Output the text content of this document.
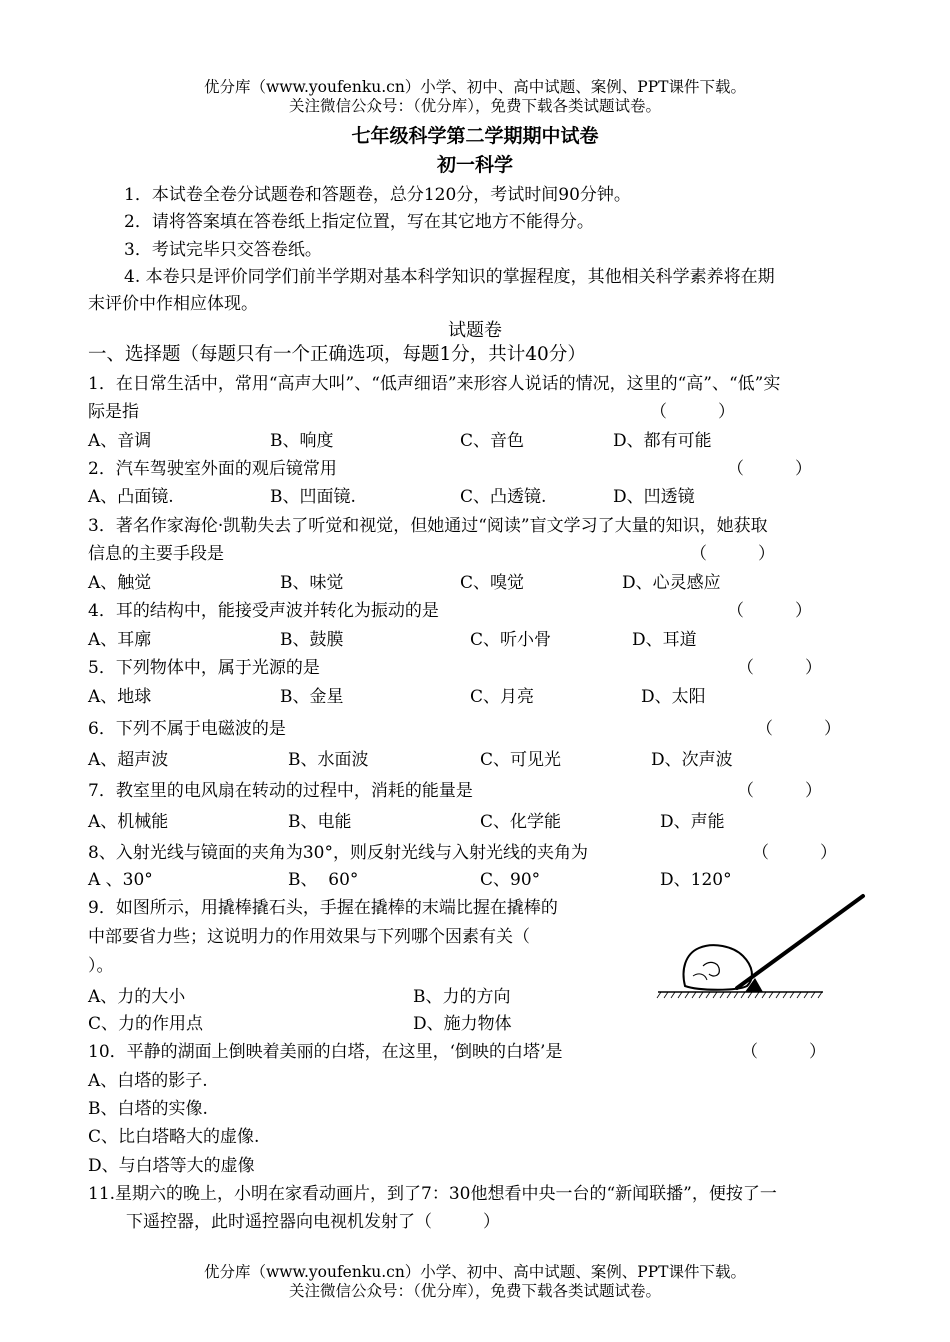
优分库（www.youfenku.cn）小学、初中、高中试题、案例、PPT课件下载。
关注微信公众号：（优分库），免费下载各类试题试卷。
七年级科学第二学期期中试卷
初一科学
1．本试卷全卷分试题卷和答题卷，总分120分，考试时间90分钟。
2．请将答案填在答卷纸上指定位置，写在其它地方不能得分。
3．考试完毕只交答卷纸。
4. 本卷只是评价同学们前半学期对基本科学知识的掌握程度，其他相关科学素养将在期
末评价中作相应体现。
试题卷
一、选择题（每题只有一个正确选项，每题1分，共计40分）
1．在日常生活中，常用“高声大叫”、“低声细语”来形容人说话的情况，这里的“高”、“低”实
际是指	（　　　）
A、音调	B、响度	C、音色	D、都有可能
2．汽车驾驶室外面的观后镜常用	（　　　）
A、凸面镜.	B、凹面镜.	C、凸透镜.	D、凹透镜
3．著名作家海伦·凯勒失去了听觉和视觉，但她通过“阅读”盲文学习了大量的知识，她获取
信息的主要手段是	（　　　）
A、触觉	B、味觉	C、嗅觉	D、心灵感应
4．耳的结构中，能接受声波并转化为振动的是	（　　　）
A、耳廓	B、鼓膜	C、听小骨	D、耳道
5．下列物体中，属于光源的是	（　　　）
A、地球	B、金星	C、月亮	D、太阳
6．下列不属于电磁波的是	（　　　）
A、超声波	B、水面波	C、可见光	D、次声波
7．教室里的电风扇在转动的过程中，消耗的能量是	（　　　）
A、机械能	B、电能	C、化学能	D、声能
8、入射光线与镜面的夹角为30°，则反射光线与入射光线的夹角为	（　　　）
A 、30°	B、  60°	C、90°	D、120°
9．如图所示，用撬棒撬石头，手握在撬棒的末端比握在撬棒的
中部要省力些；这说明力的作用效果与下列哪个因素有关（
）。
A、力的大小	B、力的方向
C、力的作用点	D、施力物体
10．平静的湖面上倒映着美丽的白塔，在这里，‘倒映的白塔’是	（　　　）
A、白塔的影子.
B、白塔的实像.
C、比白塔略大的虚像.
D、与白塔等大的虚像
11.星期六的晚上，小明在家看动画片，到了7：30他想看中央一台的“新闻联播”，便按了一
下遥控器，此时遥控器向电视机发射了（　　　）
优分库（www.youfenku.cn）小学、初中、高中试题、案例、PPT课件下载。
关注微信公众号：（优分库），免费下载各类试题试卷。
